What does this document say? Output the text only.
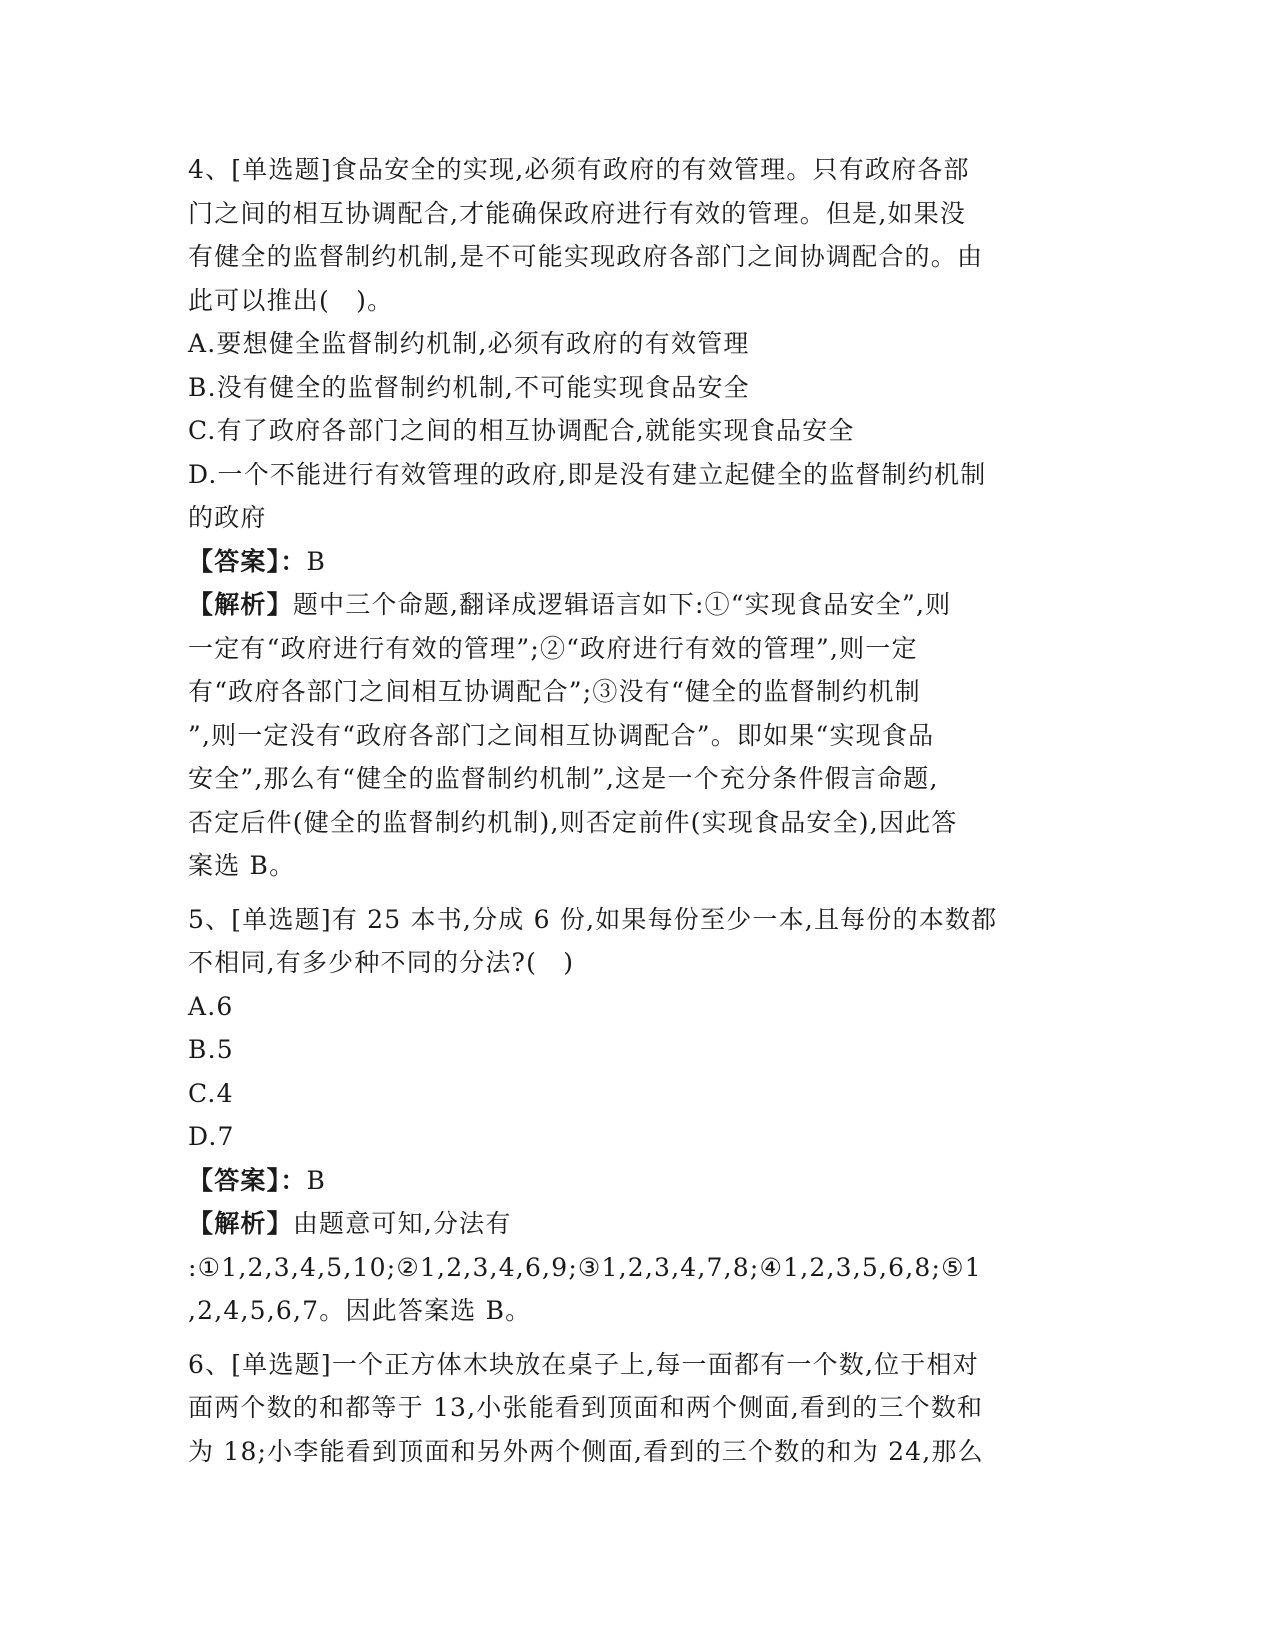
4、[单选题]食品安全的实现,必须有政府的有效管理。只有政府各部
门之间的相互协调配合,才能确保政府进行有效的管理。但是,如果没
有健全的监督制约机制,是不可能实现政府各部门之间协调配合的。由
此可以推出(　)。
A.要想健全监督制约机制,必须有政府的有效管理
B.没有健全的监督制约机制,不可能实现食品安全
C.有了政府各部门之间的相互协调配合,就能实现食品安全
D.一个不能进行有效管理的政府,即是没有建立起健全的监督制约机制
的政府
【答案】：B
【解析】题中三个命题,翻译成逻辑语言如下:①“实现食品安全”,则
一定有“政府进行有效的管理”;②“政府进行有效的管理”,则一定
有“政府各部门之间相互协调配合”;③没有“健全的监督制约机制
”,则一定没有“政府各部门之间相互协调配合”。即如果“实现食品
安全”,那么有“健全的监督制约机制”,这是一个充分条件假言命题,
否定后件(健全的监督制约机制),则否定前件(实现食品安全),因此答
案选 B。
5、[单选题]有 25 本书,分成 6 份,如果每份至少一本,且每份的本数都
不相同,有多少种不同的分法?(　)
A.6
B.5
C.4
D.7
【答案】：B
【解析】由题意可知,分法有
:①1,2,3,4,5,10;②1,2,3,4,6,9;③1,2,3,4,7,8;④1,2,3,5,6,8;⑤1
,2,4,5,6,7。因此答案选 B。
6、[单选题]一个正方体木块放在桌子上,每一面都有一个数,位于相对
面两个数的和都等于 13,小张能看到顶面和两个侧面,看到的三个数和
为 18;小李能看到顶面和另外两个侧面,看到的三个数的和为 24,那么
